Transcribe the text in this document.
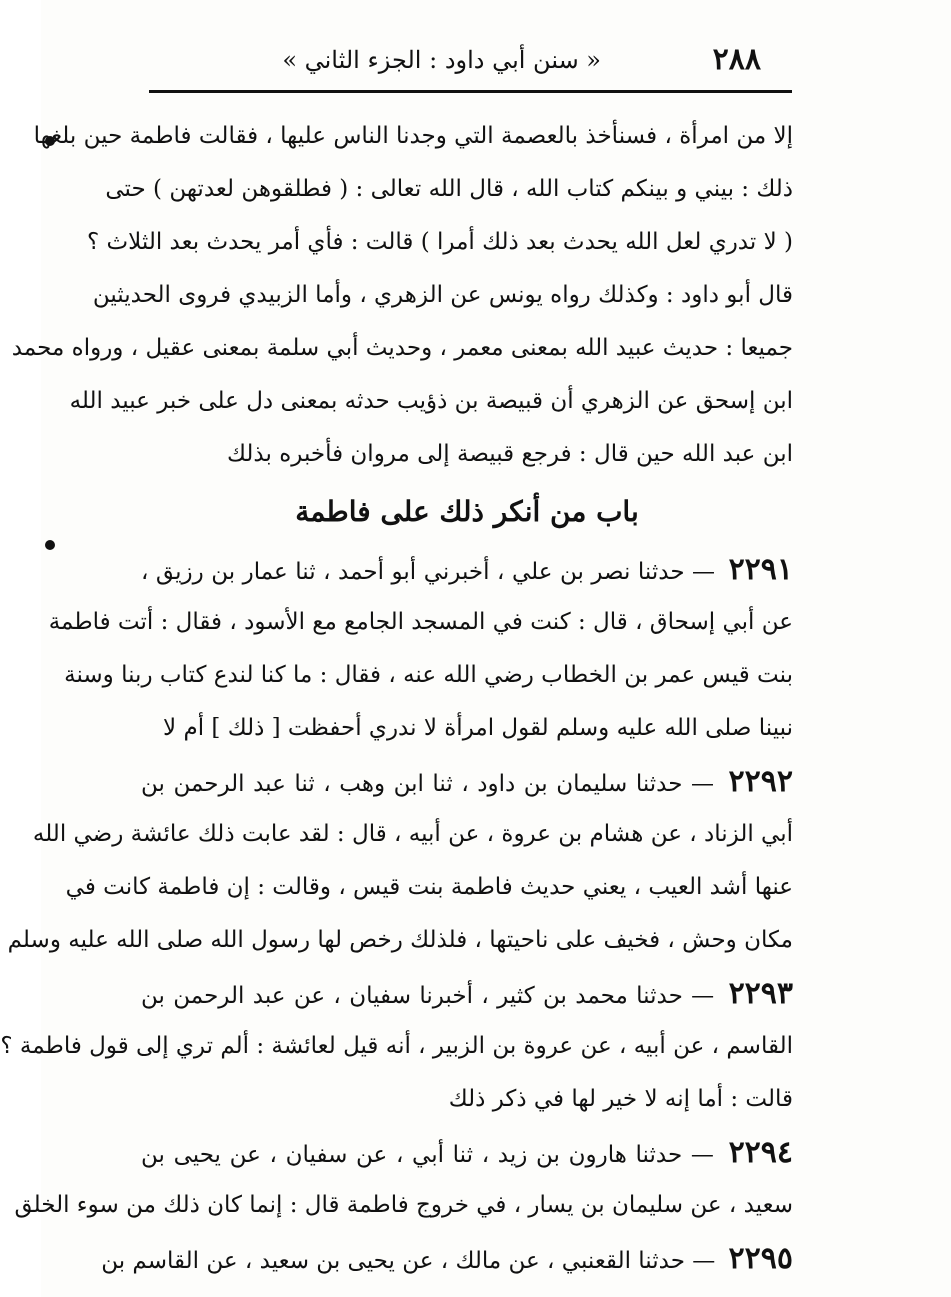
٢٨٨
« سنن أبي داود : الجزء الثاني »
إلا من امرأة ، فسنأخذ بالعصمة التي وجدنا الناس عليها ، فقالت فاطمة حين بلغها
ذلك : بيني و بينكم كتاب الله ، قال الله تعالى : ( فطلقوهن لعدتهن ) حتى
( لا تدري لعل الله يحدث بعد ذلك أمرا ) قالت : فأي أمر يحدث بعد الثلاث ؟
قال أبو داود : وكذلك رواه يونس عن الزهري ، وأما الزبيدي فروى الحديثين
جميعا : حديث عبيد الله بمعنى معمر ، وحديث أبي سلمة بمعنى عقيل ، ورواه محمد
ابن إسحق عن الزهري أن قبيصة بن ذؤيب حدثه بمعنى دل على خبر عبيد الله
ابن عبد الله حين قال : فرجع قبيصة إلى مروان فأخبره بذلك
باب من أنكر ذلك على فاطمة
٢٢٩١ — حدثنا نصر بن علي ، أخبرني أبو أحمد ، ثنا عمار بن رزيق ،
عن أبي إسحاق ، قال : كنت في المسجد الجامع مع الأسود ، فقال : أتت فاطمة
بنت قيس عمر بن الخطاب رضي الله عنه ، فقال : ما كنا لندع كتاب ربنا وسنة
نبينا صلى الله عليه وسلم لقول امرأة لا ندري أحفظت [ ذلك ] أم لا
٢٢٩٢ — حدثنا سليمان بن داود ، ثنا ابن وهب ، ثنا عبد الرحمن بن
أبي الزناد ، عن هشام بن عروة ، عن أبيه ، قال : لقد عابت ذلك عائشة رضي الله
عنها أشد العيب ، يعني حديث فاطمة بنت قيس ، وقالت : إن فاطمة كانت في
مكان وحش ، فخيف على ناحيتها ، فلذلك رخص لها رسول الله صلى الله عليه وسلم
٢٢٩٣ — حدثنا محمد بن كثير ، أخبرنا سفيان ، عن عبد الرحمن بن
القاسم ، عن أبيه ، عن عروة بن الزبير ، أنه قيل لعائشة : ألم تري إلى قول فاطمة ؟
قالت : أما إنه لا خير لها في ذكر ذلك
٢٢٩٤ — حدثنا هارون بن زيد ، ثنا أبي ، عن سفيان ، عن يحيى بن
سعيد ، عن سليمان بن يسار ، في خروج فاطمة قال : إنما كان ذلك من سوء الخلق
٢٢٩٥ — حدثنا القعنبي ، عن مالك ، عن يحيى بن سعيد ، عن القاسم بن
